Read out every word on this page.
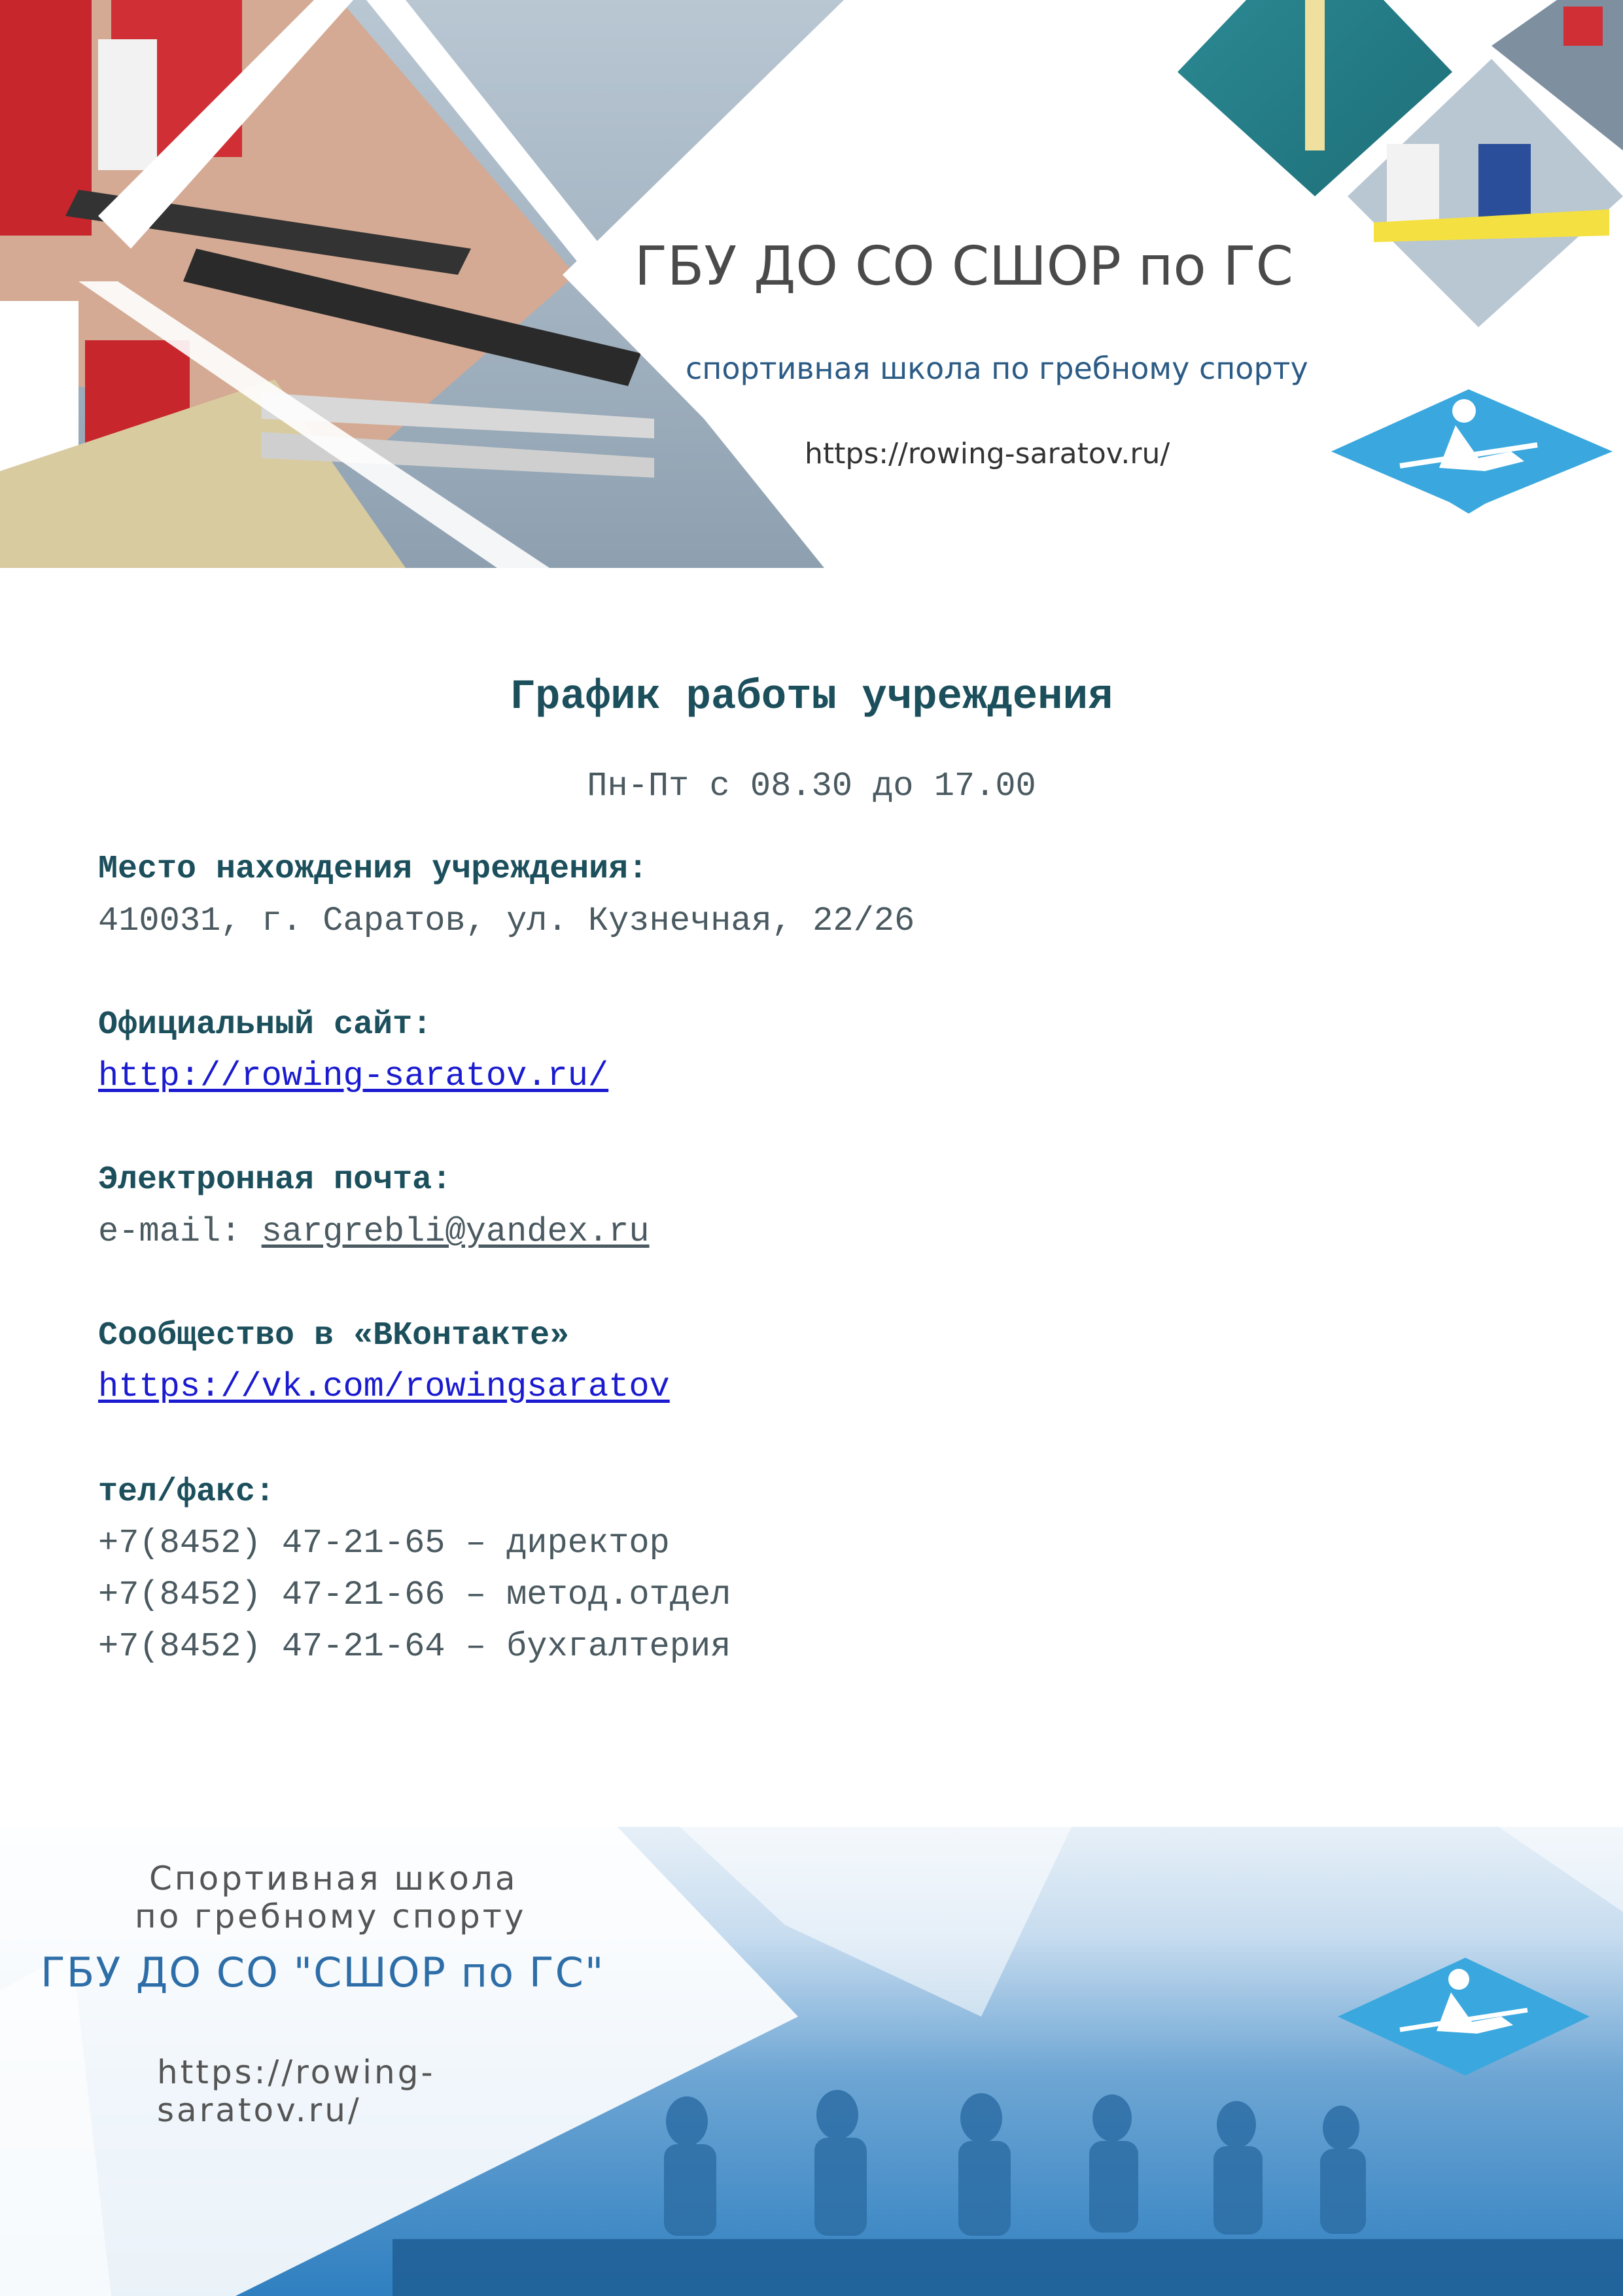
ГБУ ДО СО СШОР по ГС
спортивная школа по гребному спорту
https://rowing-saratov.ru/
График работы учреждения
Пн-Пт с 08.30 до 17.00
Место нахождения учреждения:
410031, г. Саратов, ул. Кузнечная, 22/26
Официальный сайт:
http://rowing-saratov.ru/
Электронная почта:
e-mail: sargrebli@yandex.ru
Сообщество в «ВКонтакте»
https://vk.com/rowingsaratov
тел/факс:
+7(8452) 47-21-65 – директор
+7(8452) 47-21-66 – метод.отдел
+7(8452) 47-21-64 – бухгалтерия
Спортивная школа
по гребному спорту
ГБУ ДО СО "СШОР по ГС"
https://rowing-
saratov.ru/
